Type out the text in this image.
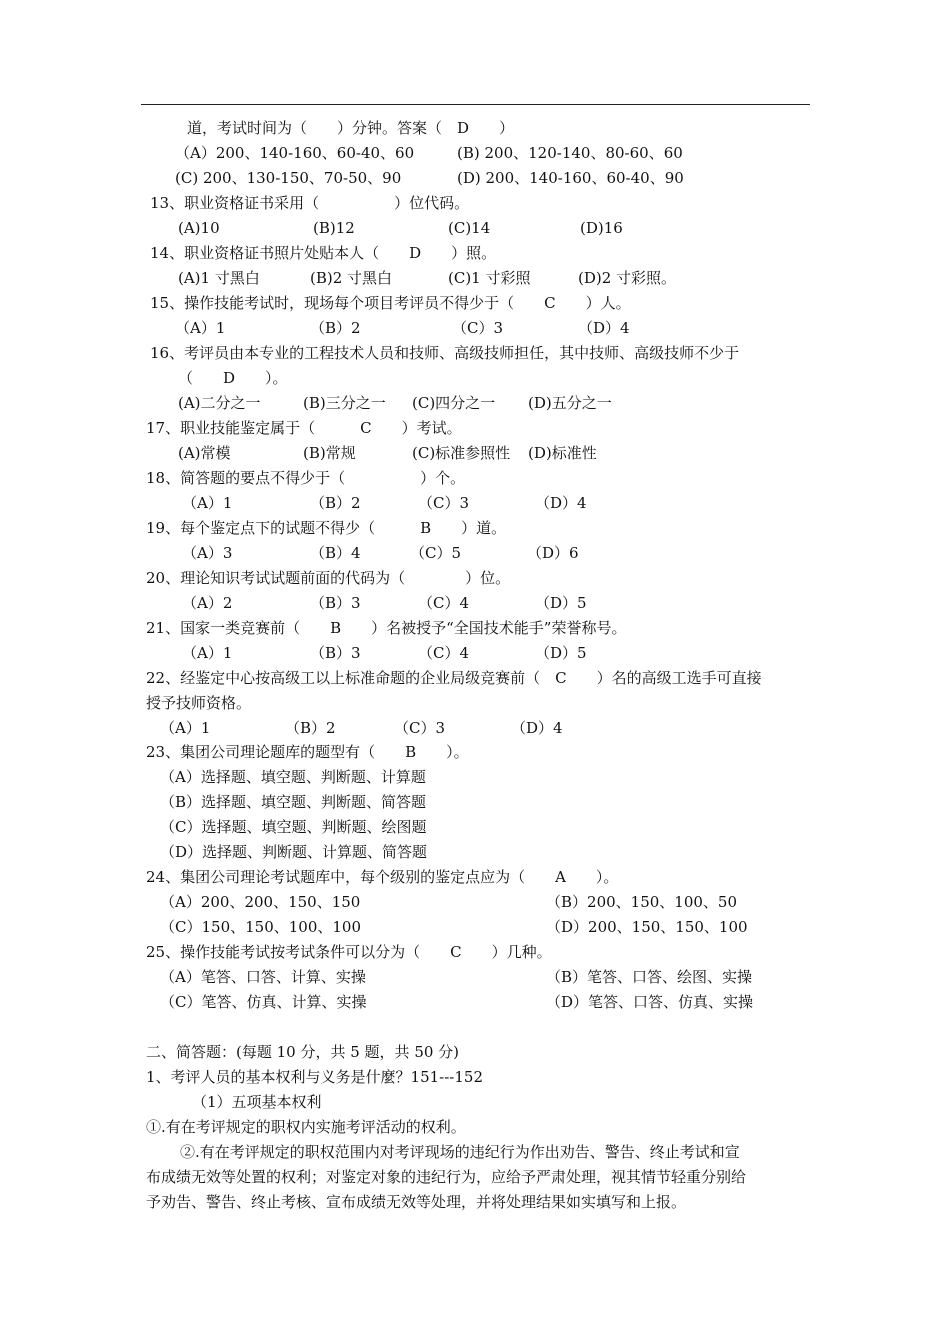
道，考试时间为（　　）分钟。答案（　D　　）
（A）200、140-160、60-40、60	(B) 200、120-140、80-60、60
(C) 200、130-150、70-50、90	(D) 200、140-160、60-40、90
13、职业资格证书采用（　　　　　）位代码。
(A)10	(B)12	(C)14	(D)16
14、职业资格证书照片处贴本人（　　D　　）照。
(A)1 寸黑白	(B)2 寸黑白	(C)1 寸彩照	(D)2 寸彩照。
15、操作技能考试时，现场每个项目考评员不得少于（　　C　　）人。
（A）1	（B）2	（C）3	（D）4
16、考评员由本专业的工程技术人员和技师、高级技师担任，其中技师、高级技师不少于
（　　D　　）。
(A)二分之一	(B)三分之一 (C)四分之一 (D)五分之一
17、职业技能鉴定属于（　　　C　　）考试。
(A)常模	(B)常规	(C)标准参照性 (D)标准性
18、简答题的要点不得少于（　　　　　）个。
（A）1	（B）2	（C）3	（D）4
19、每个鉴定点下的试题不得少（　　　B　　）道。
（A）3	（B）4	（C）5	（D）6
20、理论知识考试试题前面的代码为（　　　　）位。
（A）2	（B）3	（C）4	（D）5
21、国家一类竞赛前（　　B　　）名被授予“全国技术能手”荣誉称号。
（A）1	（B）3	（C）4	（D）5
22、经鉴定中心按高级工以上标准命题的企业局级竞赛前（　C　　）名的高级工选手可直接
授予技师资格。
（A）1	（B）2	（C）3	（D）4
23、集团公司理论题库的题型有（　　B　　）。
（A）选择题、填空题、判断题、计算题
（B）选择题、填空题、判断题、简答题
（C）选择题、填空题、判断题、绘图题
（D）选择题、判断题、计算题、简答题
24、集团公司理论考试题库中，每个级别的鉴定点应为（　　A　　）。
（A）200、200、150、150	（B）200、150、100、50
（C）150、150、100、100	（D）200、150、150、100
25、操作技能考试按考试条件可以分为（　　C　　）几种。
（A）笔答、口答、计算、实操	（B）笔答、口答、绘图、实操
（C）笔答、仿真、计算、实操	（D）笔答、口答、仿真、实操
二、简答题：(每题 10 分，共 5 题，共 50 分)
1、考评人员的基本权利与义务是什麼？151---152
（1）五项基本权利
①.有在考评规定的职权内实施考评活动的权利。
②.有在考评规定的职权范围内对考评现场的违纪行为作出劝告、警告、终止考试和宣
布成绩无效等处置的权利；对鉴定对象的违纪行为，应给予严肃处理，视其情节轻重分别给
予劝告、警告、终止考核、宣布成绩无效等处理，并将处理结果如实填写和上报。
